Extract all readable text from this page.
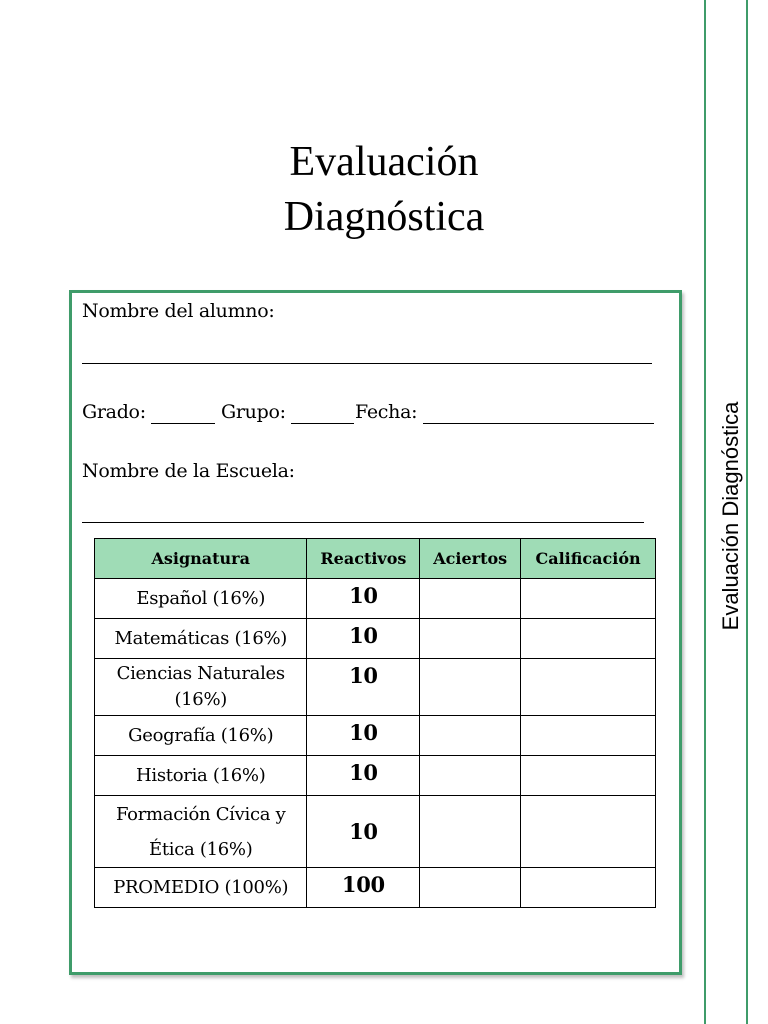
Evaluación Diagnóstica
Evaluación
Diagnóstica
Nombre del alumno:
Grado:	Grupo:	Fecha:
Nombre de la Escuela:
Asignatura	Reactivos	Aciertos	Calificación
Español (16%)	10		
Matemáticas (16%)	10		
Ciencias Naturales (16%)	10		
Geografía (16%)	10		
Historia (16%)	10		
Formación Cívica y Ética (16%)	10		
PROMEDIO (100%)	100		
